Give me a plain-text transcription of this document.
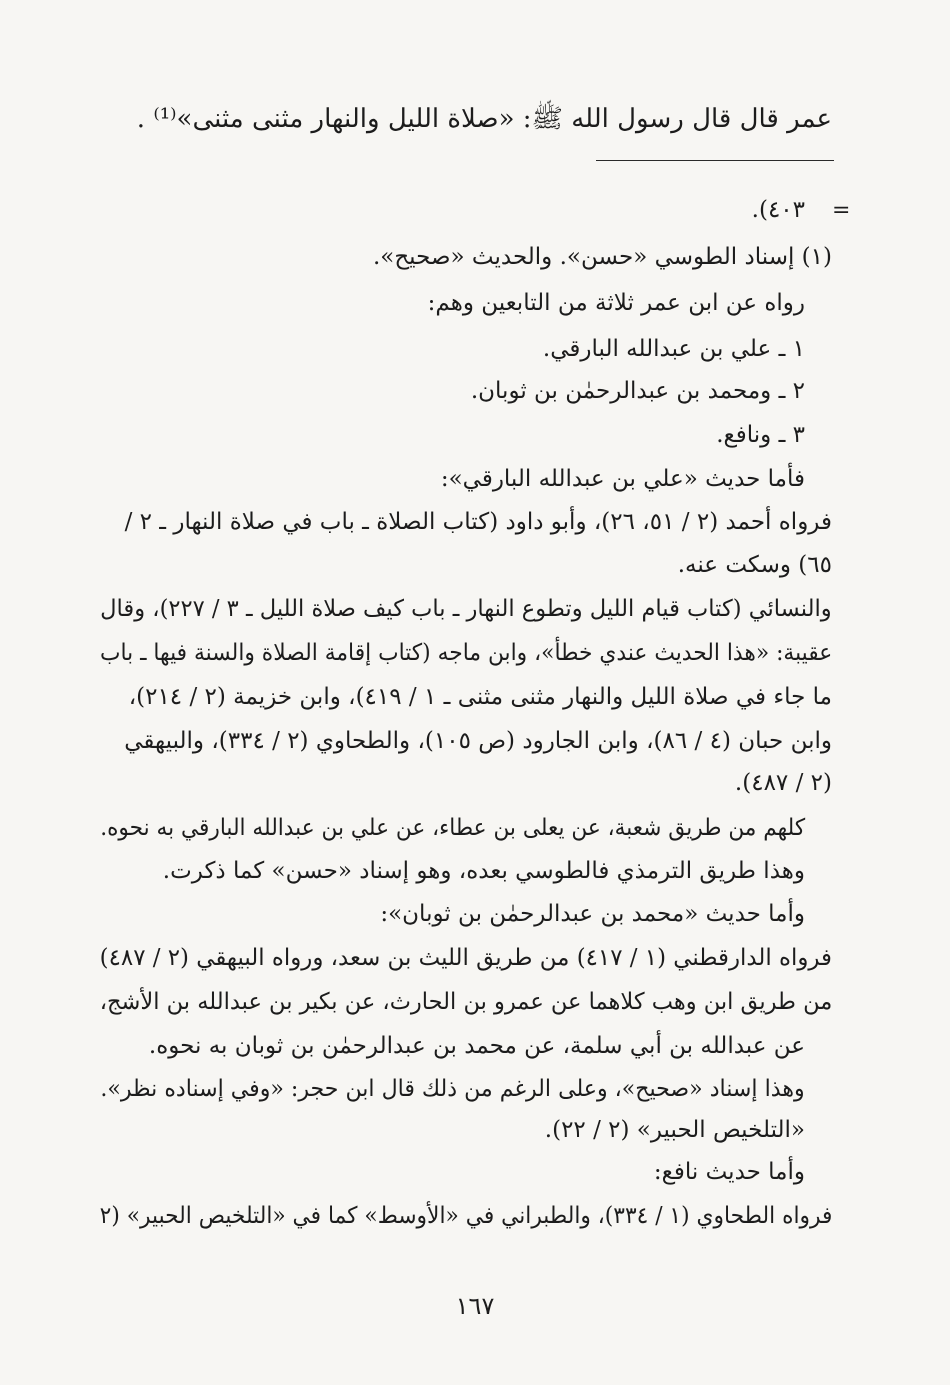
عمر قال قال رسول الله ﷺ: «صلاة الليل والنهار مثنى مثنى»⁽¹⁾ .
=
٤٠٣).
(١) إسناد الطوسي «حسن». والحديث «صحيح».
رواه عن ابن عمر ثلاثة من التابعين وهم:
١ ـ علي بن عبدالله البارقي.
٢ ـ ومحمد بن عبدالرحمٰن بن ثوبان.
٣ ـ ونافع.
فأما حديث «علي بن عبدالله البارقي»:
فرواه أحمد (٢ / ٥١، ٢٦)، وأبو داود (كتاب الصلاة ـ باب في صلاة النهار ـ ٢ /
٦٥) وسكت عنه.
والنسائي (كتاب قيام الليل وتطوع النهار ـ باب كيف صلاة الليل ـ ٣ / ٢٢٧)، وقال
عقيبة: «هذا الحديث عندي خطأ»، وابن ماجه (كتاب إقامة الصلاة والسنة فيها ـ باب
ما جاء في صلاة الليل والنهار مثنى مثنى ـ ١ / ٤١٩)، وابن خزيمة (٢ / ٢١٤)،
وابن حبان (٤ / ٨٦)، وابن الجارود (ص ١٠٥)، والطحاوي (٢ / ٣٣٤)، والبيهقي
(٢ / ٤٨٧).
كلهم من طريق شعبة، عن يعلى بن عطاء، عن علي بن عبدالله البارقي به نحوه.
وهذا طريق الترمذي فالطوسي بعده، وهو إسناد «حسن» كما ذكرت.
وأما حديث «محمد بن عبدالرحمٰن بن ثوبان»:
فرواه الدارقطني (١ / ٤١٧) من طريق الليث بن سعد، ورواه البيهقي (٢ / ٤٨٧)
من طريق ابن وهب كلاهما عن عمرو بن الحارث، عن بكير بن عبدالله بن الأشج،
عن عبدالله بن أبي سلمة، عن محمد بن عبدالرحمٰن بن ثوبان به نحوه.
وهذا إسناد «صحيح»، وعلى الرغم من ذلك قال ابن حجر: «وفي إسناده نظر».
«التلخيص الحبير» (٢ / ٢٢).
وأما حديث نافع:
فرواه الطحاوي (١ / ٣٣٤)، والطبراني في «الأوسط» كما في «التلخيص الحبير» (٢
١٦٧
